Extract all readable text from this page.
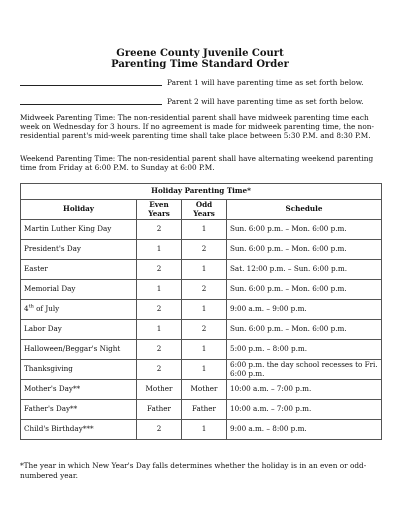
Greene County Juvenile Court
Parenting Time Standard Order
Parent 1 will have parenting time as set forth below.
Parent 2 will have parenting time as set forth below.
Midweek Parenting Time: The non-residential parent shall have midweek parenting time each week on Wednesday for 3 hours. If no agreement is made for midweek parenting time, the non-residential parent's mid-week parenting time shall take place between 5:30 P.M. and 8:30 P.M.
Weekend Parenting Time: The non-residential parent shall have alternating weekend parenting time from Friday at 6:00 P.M. to Sunday at 6:00 P.M.
Holiday Parenting Time*			
Holiday	Even Years	Odd Years	Schedule
Martin Luther King Day	2	1	Sun. 6:00 p.m. – Mon. 6:00 p.m.
President's Day	1	2	Sun. 6:00 p.m. – Mon. 6:00 p.m.
Easter	2	1	Sat. 12:00 p.m. – Sun. 6:00 p.m.
Memorial Day	1	2	Sun. 6:00 p.m. – Mon. 6:00 p.m.
4th of July	2	1	9:00 a.m. – 9:00 p.m.
Labor Day	1	2	Sun. 6:00 p.m. – Mon. 6:00 p.m.
Halloween/Beggar's Night	2	1	5:00 p.m. – 8:00 p.m.
Thanksgiving	2	1	6:00 p.m. the day school recesses to Fri. 6:00 p.m.
Mother's Day**	Mother	Mother	10:00 a.m. – 7:00 p.m.
Father's Day**	Father	Father	10:00 a.m. – 7:00 p.m.
Child's Birthday***	2	1	9:00 a.m. – 8:00 p.m.
*The year in which New Year's Day falls determines whether the holiday is in an even or odd-numbered year.
